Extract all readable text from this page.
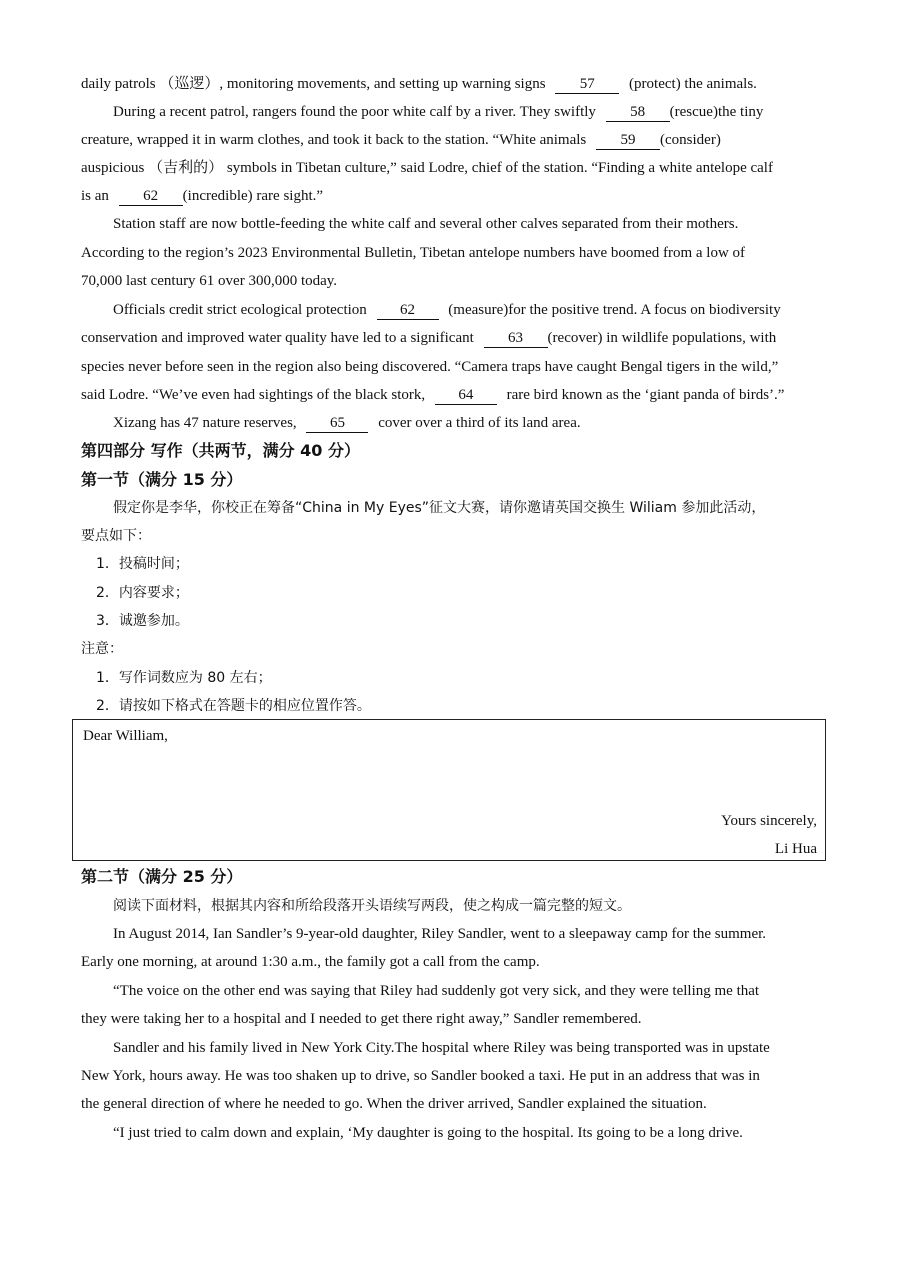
daily patrols （巡逻）, monitoring movements, and setting up warning signs 57 (protect) the animals.
During a recent patrol, rangers found the poor white calf by a river. They swiftly 58 (rescue)the tiny
creature, wrapped it in warm clothes, and took it back to the station. “White animals 59 (consider)
auspicious （吉利的） symbols in Tibetan culture,” said Lodre, chief of the station. “Finding a white antelope calf
is an 62 (incredible) rare sight.”
Station staff are now bottle-feeding the white calf and several other calves separated from their mothers.
According to the region’s 2023 Environmental Bulletin, Tibetan antelope numbers have boomed from a low of
70,000 last century 61 over 300,000 today.
Officials credit strict ecological protection 62 (measure)for the positive trend. A focus on biodiversity
conservation and improved water quality have led to a significant 63 (recover) in wildlife populations, with
species never before seen in the region also being discovered. “Camera traps have caught Bengal tigers in the wild,”
said Lodre. “We’ve even had sightings of the black stork, 64 rare bird known as the ‘giant panda of birds’.”
Xizang has 47 nature reserves, 65 cover over a third of its land area.
第四部分 写作（共两节，满分 40 分）
第一节（满分 15 分）
假定你是李华，你校正在筹备“China in My Eyes”征文大赛，请你邀请英国交换生 Wiliam 参加此活动，
要点如下：
1．投稿时间；
2．内容要求；
3．诚邀参加。
注意：
1．写作词数应为 80 左右；
2．请按如下格式在答题卡的相应位置作答。
Dear William,
Yours sincerely,
Li Hua
第二节（满分 25 分）
阅读下面材料，根据其内容和所给段落开头语续写两段，使之构成一篇完整的短文。
In August 2014, Ian Sandler’s 9-year-old daughter, Riley Sandler, went to a sleepaway camp for the summer.
Early one morning, at around 1:30 a.m., the family got a call from the camp.
“The voice on the other end was saying that Riley had suddenly got very sick, and they were telling me that
they were taking her to a hospital and I needed to get there right away,” Sandler remembered.
Sandler and his family lived in New York City.The hospital where Riley was being transported was in upstate
New York, hours away. He was too shaken up to drive, so Sandler booked a taxi. He put in an address that was in
the general direction of where he needed to go. When the driver arrived, Sandler explained the situation.
“I just tried to calm down and explain, ‘My daughter is going to the hospital. Its going to be a long drive.
